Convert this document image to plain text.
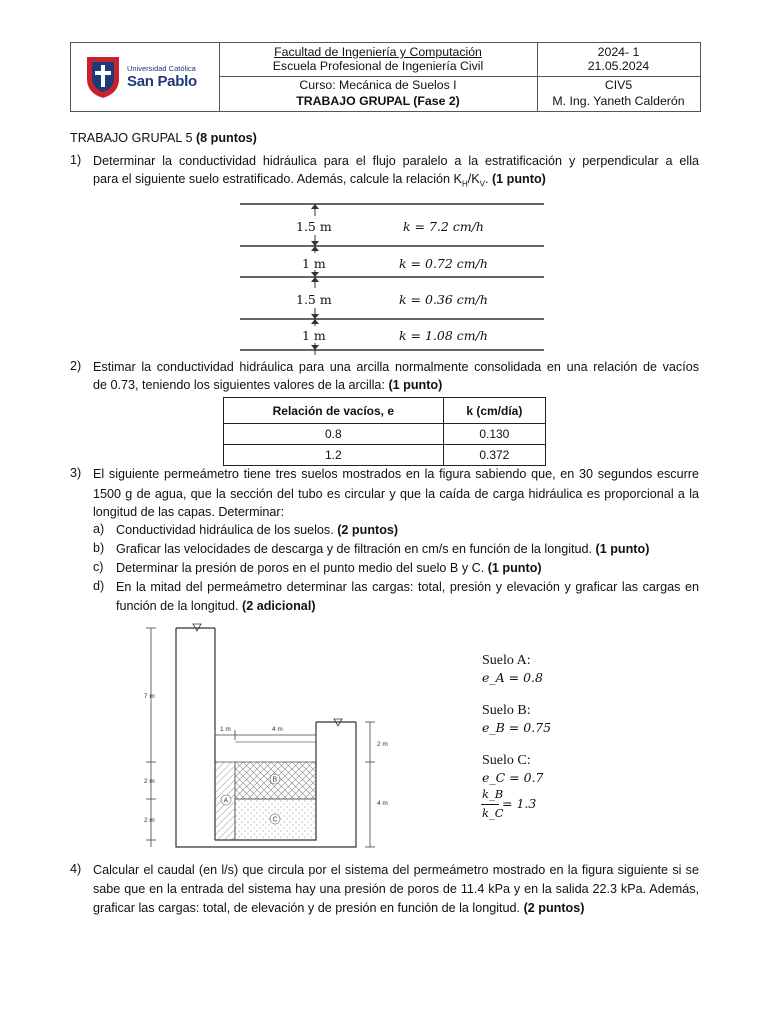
Universidad Católica
San Pablo
Facultad de Ingeniería y Computación
Escuela Profesional de Ingeniería Civil
Curso: Mecánica de Suelos I
TRABAJO GRUPAL (Fase 2)
2024- 1
21.05.2024
CIV5
M. Ing. Yaneth Calderón
TRABAJO GRUPAL 5 (8 puntos)
1) Determinar la conductividad hidráulica para el flujo paralelo a la estratificación y perpendicular a ella
para el siguiente suelo estratificado. Además, calcule la relación $K_H/K_V$. (1 punto)
1.5 m	k = 7.2 cm/h
1 m	k = 0.72 cm/h
1.5 m	k = 0.36 cm/h
1 m	k = 1.08 cm/h
2) Estimar la conductividad hidráulica para una arcilla normalmente consolidada en una relación de vacíos
de 0.73, teniendo los siguientes valores de la arcilla: (1 punto)
Relación de vacíos, e	k (cm/día)
0.8	0.130
1.2	0.372
3) El siguiente permeámetro tiene tres suelos mostrados en la figura sabiendo que, en 30 segundos escurre
1500 g de agua, que la sección del tubo es circular y que la caída de carga hidráulica es proporcional a la
longitud de las capas. Determinar:
a) Conductividad hidráulica de los suelos. (2 puntos)
b) Graficar las velocidades de descarga y de filtración en cm/s en función de la longitud. (1 punto)
c) Determinar la presión de poros en el punto medio del suelo B y C. (1 punto)
d) En la mitad del permeámetro determinar las cargas: total, presión y elevación y graficar las cargas en
función de la longitud. (2 adicional)
7 m
2 m
2 m
1 m	4 m
2 m
4 m
A
B
C
Suelo A:
e_A = 0.8
Suelo B:
e_B = 0.75
Suelo C:
e_C = 0.7
k_B
k_C
= 1.3
4) Calcular el caudal (en l/s) que circula por el sistema del permeámetro mostrado en la figura siguiente si se
sabe que en la entrada del sistema hay una presión de poros de 11.4 kPa y en la salida 22.3 kPa. Además,
graficar las cargas: total, de elevación y de presión en función de la longitud. (2 puntos)
